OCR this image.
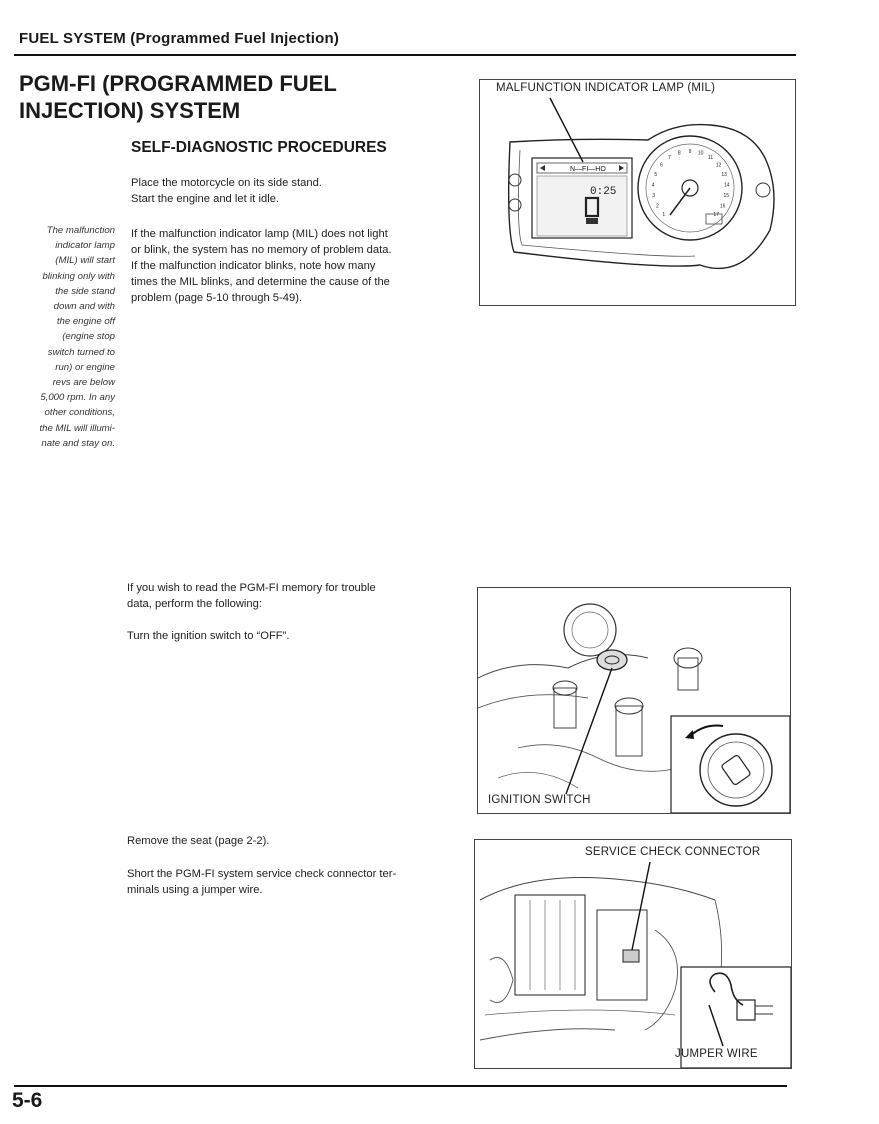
FUEL SYSTEM (Programmed Fuel Injection)
PGM-FI (PROGRAMMED FUEL
INJECTION) SYSTEM
SELF-DIAGNOSTIC PROCEDURES
Place the motorcycle on its side stand.
Start the engine and let it idle.
The malfunction
indicator lamp
(MIL) will start
blinking only with
the side stand
down and with
the engine off
(engine stop
switch turned to
run) or engine
revs are below
5,000 rpm. In any
other conditions,
the MIL will illumi-
nate and stay on.
If the malfunction indicator lamp (MIL) does not light
or blink, the system has no memory of problem data.
If the malfunction indicator blinks, note how many
times the MIL blinks, and determine the cause of the
problem (page 5-10 through 5-49).
MALFUNCTION INDICATOR LAMP (MIL)
N—FI—HO
0:25
1
2
3
4
5
6
7
8 9 10
11
12
13
14
15
16
17
If you wish to read the PGM-FI memory for trouble
data, perform the following:
Turn the ignition switch to “OFF”.
IGNITION SWITCH
Remove the seat (page 2-2).
Short the PGM-FI system service check connector ter-
minals using a jumper wire.
SERVICE CHECK CONNECTOR
JUMPER WIRE
5-6
